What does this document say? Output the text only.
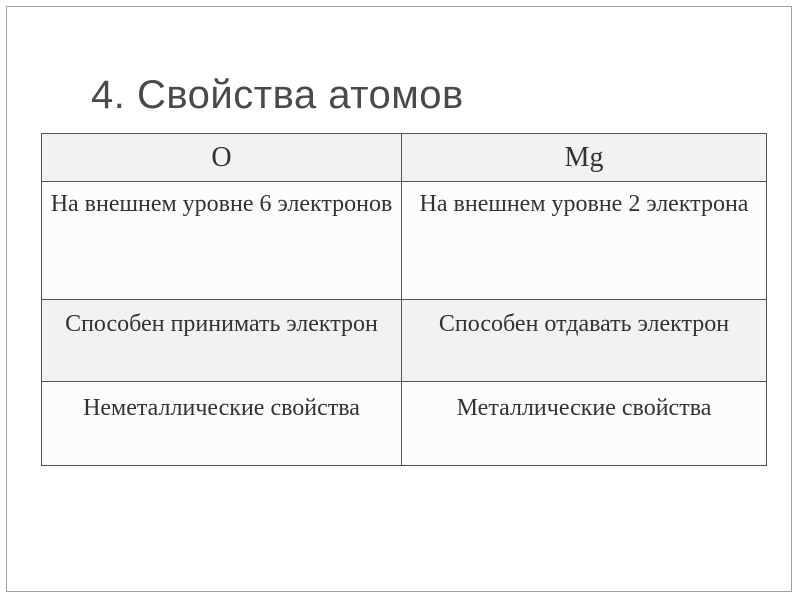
4. Свойства атомов
O	Mg
На внешнем уровне 6 электронов	На внешнем уровне 2 электрона
Способен принимать электрон	Способен отдавать электрон
Неметаллические свойства	Металлические свойства
